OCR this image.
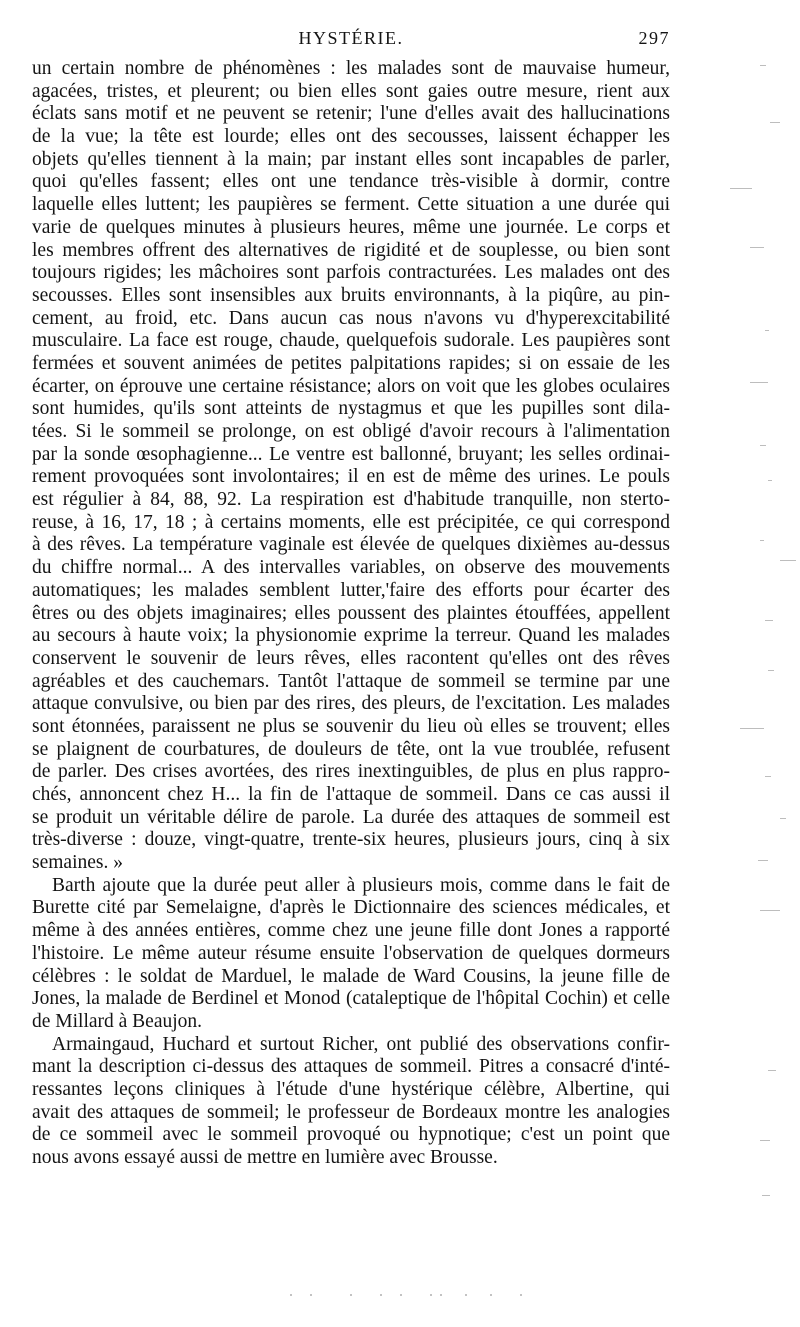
HYSTÉRIE.	297
un certain nombre de phénomènes : les malades sont de mauvaise humeur,
agacées, tristes, et pleurent; ou bien elles sont gaies outre mesure, rient aux
éclats sans motif et ne peuvent se retenir; l'une d'elles avait des hallucinations
de la vue; la tête est lourde; elles ont des secousses, laissent échapper les
objets qu'elles tiennent à la main; par instant elles sont incapables de parler,
quoi qu'elles fassent; elles ont une tendance très-visible à dormir, contre
laquelle elles luttent; les paupières se ferment. Cette situation a une durée qui
varie de quelques minutes à plusieurs heures, même une journée. Le corps et
les membres offrent des alternatives de rigidité et de souplesse, ou bien sont
toujours rigides; les mâchoires sont parfois contracturées. Les malades ont des
secousses. Elles sont insensibles aux bruits environnants, à la piqûre, au pin-
cement, au froid, etc. Dans aucun cas nous n'avons vu d'hyperexcitabilité
musculaire. La face est rouge, chaude, quelquefois sudorale. Les paupières sont
fermées et souvent animées de petites palpitations rapides; si on essaie de les
écarter, on éprouve une certaine résistance; alors on voit que les globes oculaires
sont humides, qu'ils sont atteints de nystagmus et que les pupilles sont dila-
tées. Si le sommeil se prolonge, on est obligé d'avoir recours à l'alimentation
par la sonde œsophagienne... Le ventre est ballonné, bruyant; les selles ordinai-
rement provoquées sont involontaires; il en est de même des urines. Le pouls
est régulier à 84, 88, 92. La respiration est d'habitude tranquille, non sterto-
reuse, à 16, 17, 18 ; à certains moments, elle est précipitée, ce qui correspond
à des rêves. La température vaginale est élevée de quelques dixièmes au-dessus
du chiffre normal... A des intervalles variables, on observe des mouvements
automatiques; les malades semblent lutter,'faire des efforts pour écarter des
êtres ou des objets imaginaires; elles poussent des plaintes étouffées, appellent
au secours à haute voix; la physionomie exprime la terreur. Quand les malades
conservent le souvenir de leurs rêves, elles racontent qu'elles ont des rêves
agréables et des cauchemars. Tantôt l'attaque de sommeil se termine par une
attaque convulsive, ou bien par des rires, des pleurs, de l'excitation. Les malades
sont étonnées, paraissent ne plus se souvenir du lieu où elles se trouvent; elles
se plaignent de courbatures, de douleurs de tête, ont la vue troublée, refusent
de parler. Des crises avortées, des rires inextinguibles, de plus en plus rappro-
chés, annoncent chez H... la fin de l'attaque de sommeil. Dans ce cas aussi il
se produit un véritable délire de parole. La durée des attaques de sommeil est
très-diverse : douze, vingt-quatre, trente-six heures, plusieurs jours, cinq à six
semaines. »
Barth ajoute que la durée peut aller à plusieurs mois, comme dans le fait de
Burette cité par Semelaigne, d'après le Dictionnaire des sciences médicales, et
même à des années entières, comme chez une jeune fille dont Jones a rapporté
l'histoire. Le même auteur résume ensuite l'observation de quelques dormeurs
célèbres : le soldat de Marduel, le malade de Ward Cousins, la jeune fille de
Jones, la malade de Berdinel et Monod (cataleptique de l'hôpital Cochin) et celle
de Millard à Beaujon.
Armaingaud, Huchard et surtout Richer, ont publié des observations confir-
mant la description ci-dessus des attaques de sommeil. Pitres a consacré d'inté-
ressantes leçons cliniques à l'étude d'une hystérique célèbre, Albertine, qui
avait des attaques de sommeil; le professeur de Bordeaux montre les analogies
de ce sommeil avec le sommeil provoqué ou hypnotique; c'est un point que
nous avons essayé aussi de mettre en lumière avec Brousse.
